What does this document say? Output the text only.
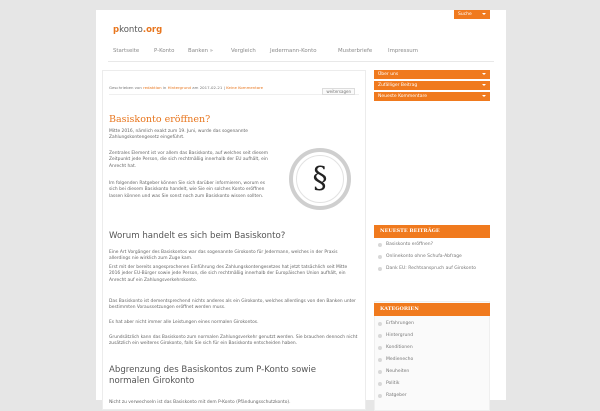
pkonto.org
Suche
Startseite	P-Konto	Banken »	Vergleich	Jedermann-Konto	Musterbriefe	Impressum
Geschrieben von redaktion in Hintergrund am 2017-02-21 | Keine Kommentare
weitersagen
Basiskonto eröffnen?

Mitte 2016, nämlich exakt zum 19. Juni, wurde das sogenannte Zahlungskontengesetz eingeführt.

Zentrales Element ist vor allem das Basiskonto, auf welches seit diesem Zeitpunkt jede Person, die sich rechtmäßig innerhalb der EU aufhält, ein Anrecht hat.

Im folgenden Ratgeber können Sie sich darüber informieren, worum es sich bei diesem Basiskonto handelt, wie Sie ein solches Konto eröffnen lassen können und was Sie sonst noch zum Basiskonto wissen sollten.

§
Worum handelt es sich beim Basiskonto?

Eine Art Vorgänger des Basiskontos war das sogenannte Girokonto für Jedermann, welches in der Praxis allerdings nie wirklich zum Zuge kam.

Erst mit der bereits angesprochenen Einführung des Zahlungskontengesetzes hat jetzt tatsächlich seit Mitte 2016 jeder EU-Bürger sowie jede Person, die sich rechtmäßig innerhalb der Europäischen Union aufhält, ein Anrecht auf ein Zahlungsverkehrskonto.

Das Basiskonto ist dementsprechend nichts anderes als ein Girokonto, welches allerdings von den Banken unter bestimmten Voraussetzungen eröffnet werden muss.

Es hat aber nicht immer alle Leistungen eines normalen Girokontos.

Grundsätzlich kann das Basiskonto zum normalen Zahlungsverkehr genutzt werden. Sie brauchen dennoch nicht zusätzlich ein weiteres Girokonto, falls Sie sich für ein Basiskonto entscheiden haben.

Abgrenzung des Basiskontos zum P-Konto sowie normalen Girokonto

Nicht zu verwechseln ist das Basiskonto mit dem P-Konto (Pfändungsschutzkonto).

Über uns
Zufälliger Beitrag
Neueste Kommentare
NEUESTE BEITRÄGE
Basiskonto eröffnen?
Onlinekonto ohne Schufa-Abfrage
Dank EU: Rechtsanspruch auf Girokonto
KATEGORIEN
Erfahrungen
Hintergrund
Konditionen
Medienecho
Neuheiten
Politik
Ratgeber
